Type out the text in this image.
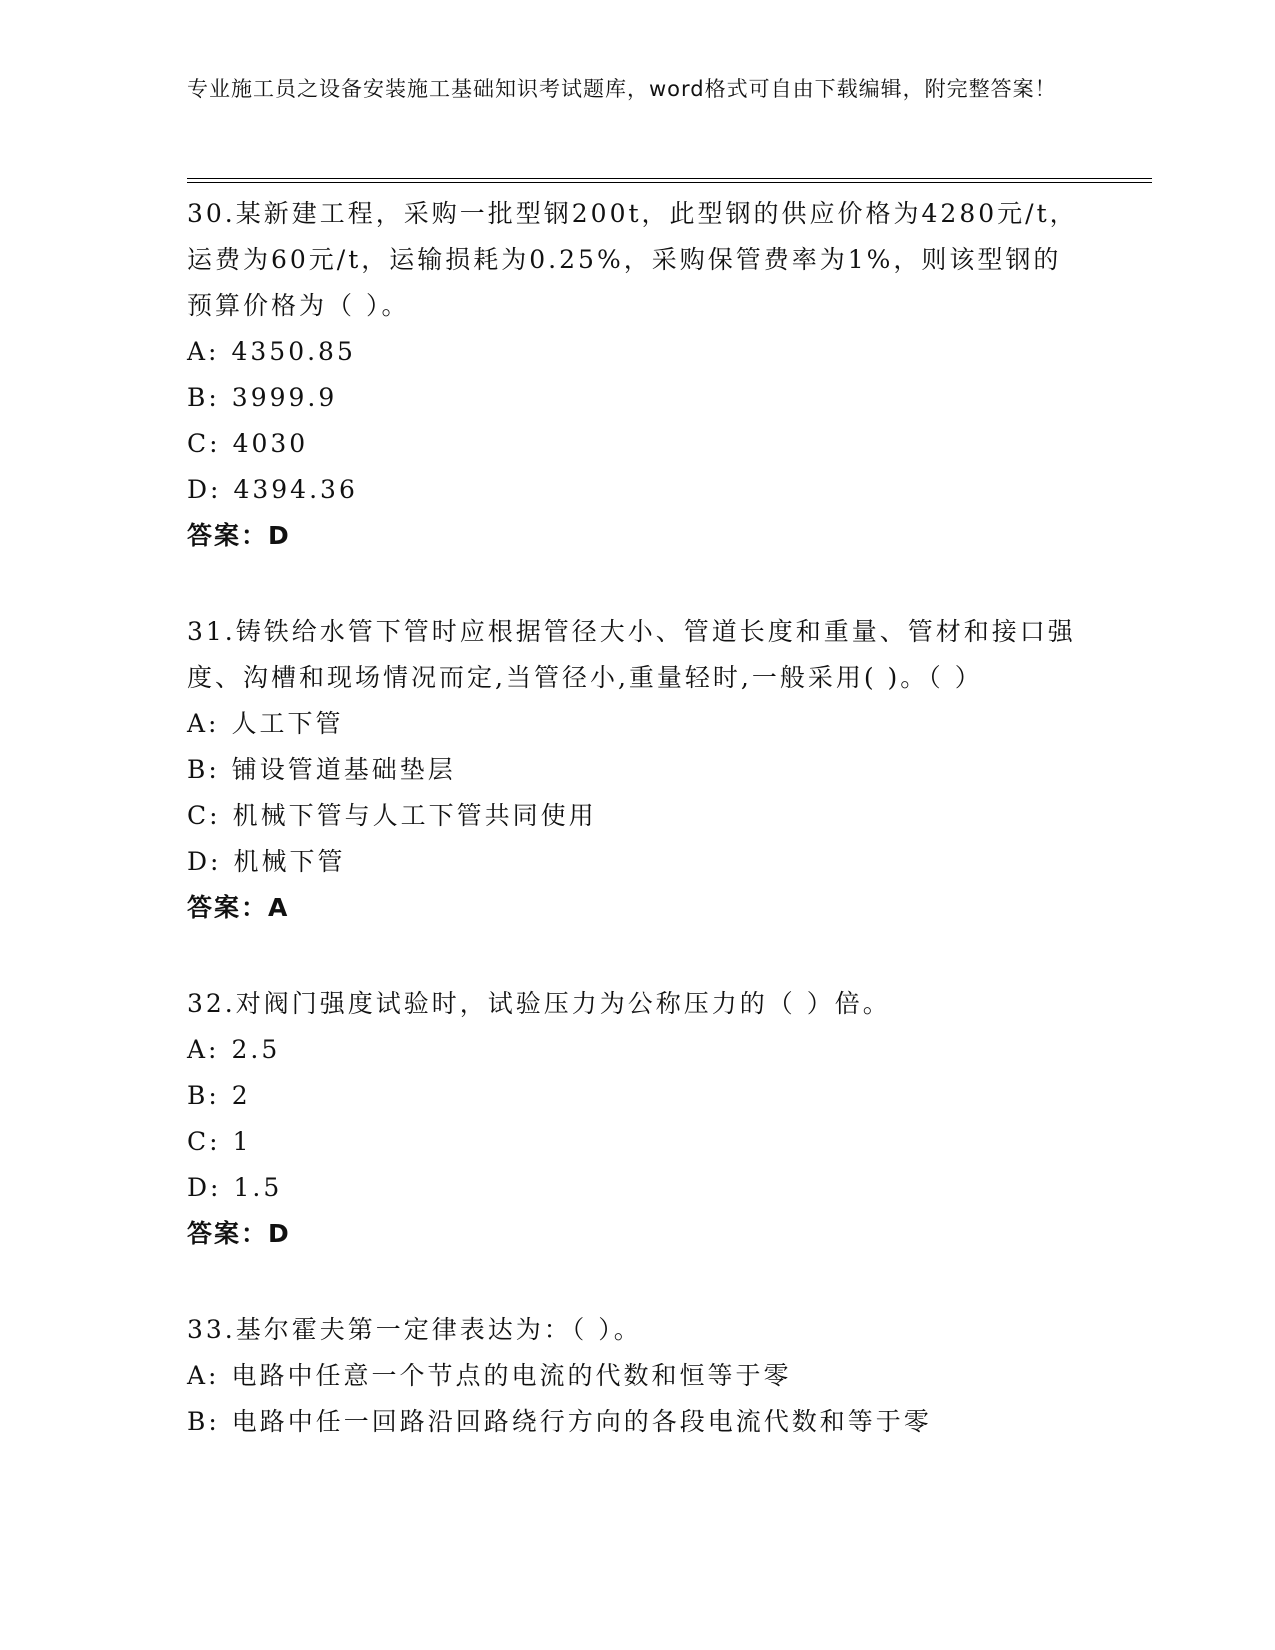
专业施工员之设备安装施工基础知识考试题库，word格式可自由下载编辑，附完整答案！

30.某新建工程，采购一批型钢200t，此型钢的供应价格为4280元/t，运费为60元/t，运输损耗为0.25%，采购保管费率为1%，则该型钢的预算价格为（ ）。

A: 4350.85

B: 3999.9

C: 4030

D: 4394.36

答案：D

31.铸铁给水管下管时应根据管径大小、管道长度和重量、管材和接口强度、沟槽和现场情况而定,当管径小,重量轻时,一般采用( )。（ ）

A: 人工下管

B: 铺设管道基础垫层

C: 机械下管与人工下管共同使用

D: 机械下管

答案：A

32.对阀门强度试验时，试验压力为公称压力的（ ）倍。

A: 2.5

B: 2

C: 1

D: 1.5

答案：D

33.基尔霍夫第一定律表达为：（ ）。

A: 电路中任意一个节点的电流的代数和恒等于零

B: 电路中任一回路沿回路绕行方向的各段电流代数和等于零
